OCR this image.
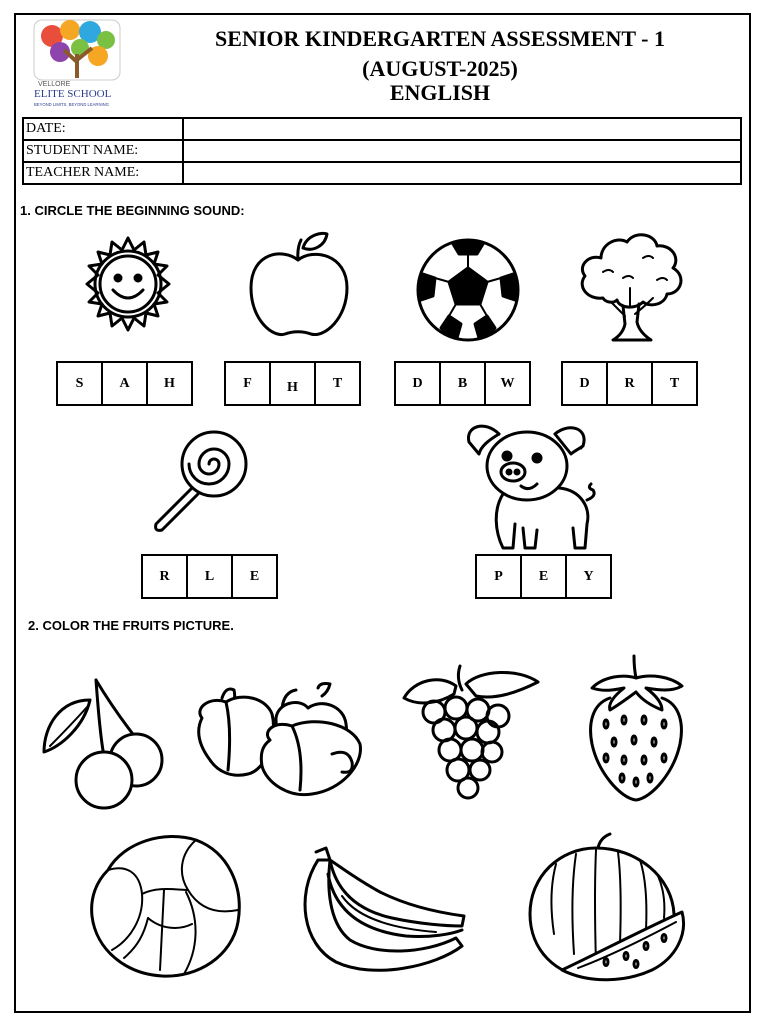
VELLORE
ELITE SCHOOL
BEYOND LIMITS, BEYOND LEARNING
SENIOR KINDERGARTEN ASSESSMENT - 1
(AUGUST-2025)
ENGLISH
DATE:	
STUDENT NAME:	
TEACHER NAME:	
1. CIRCLE THE BEGINNING SOUND:
S	A	H	F	H	T	D	B	W	D	R	T
R	L	E	P	E	Y
2. COLOR THE FRUITS PICTURE.
